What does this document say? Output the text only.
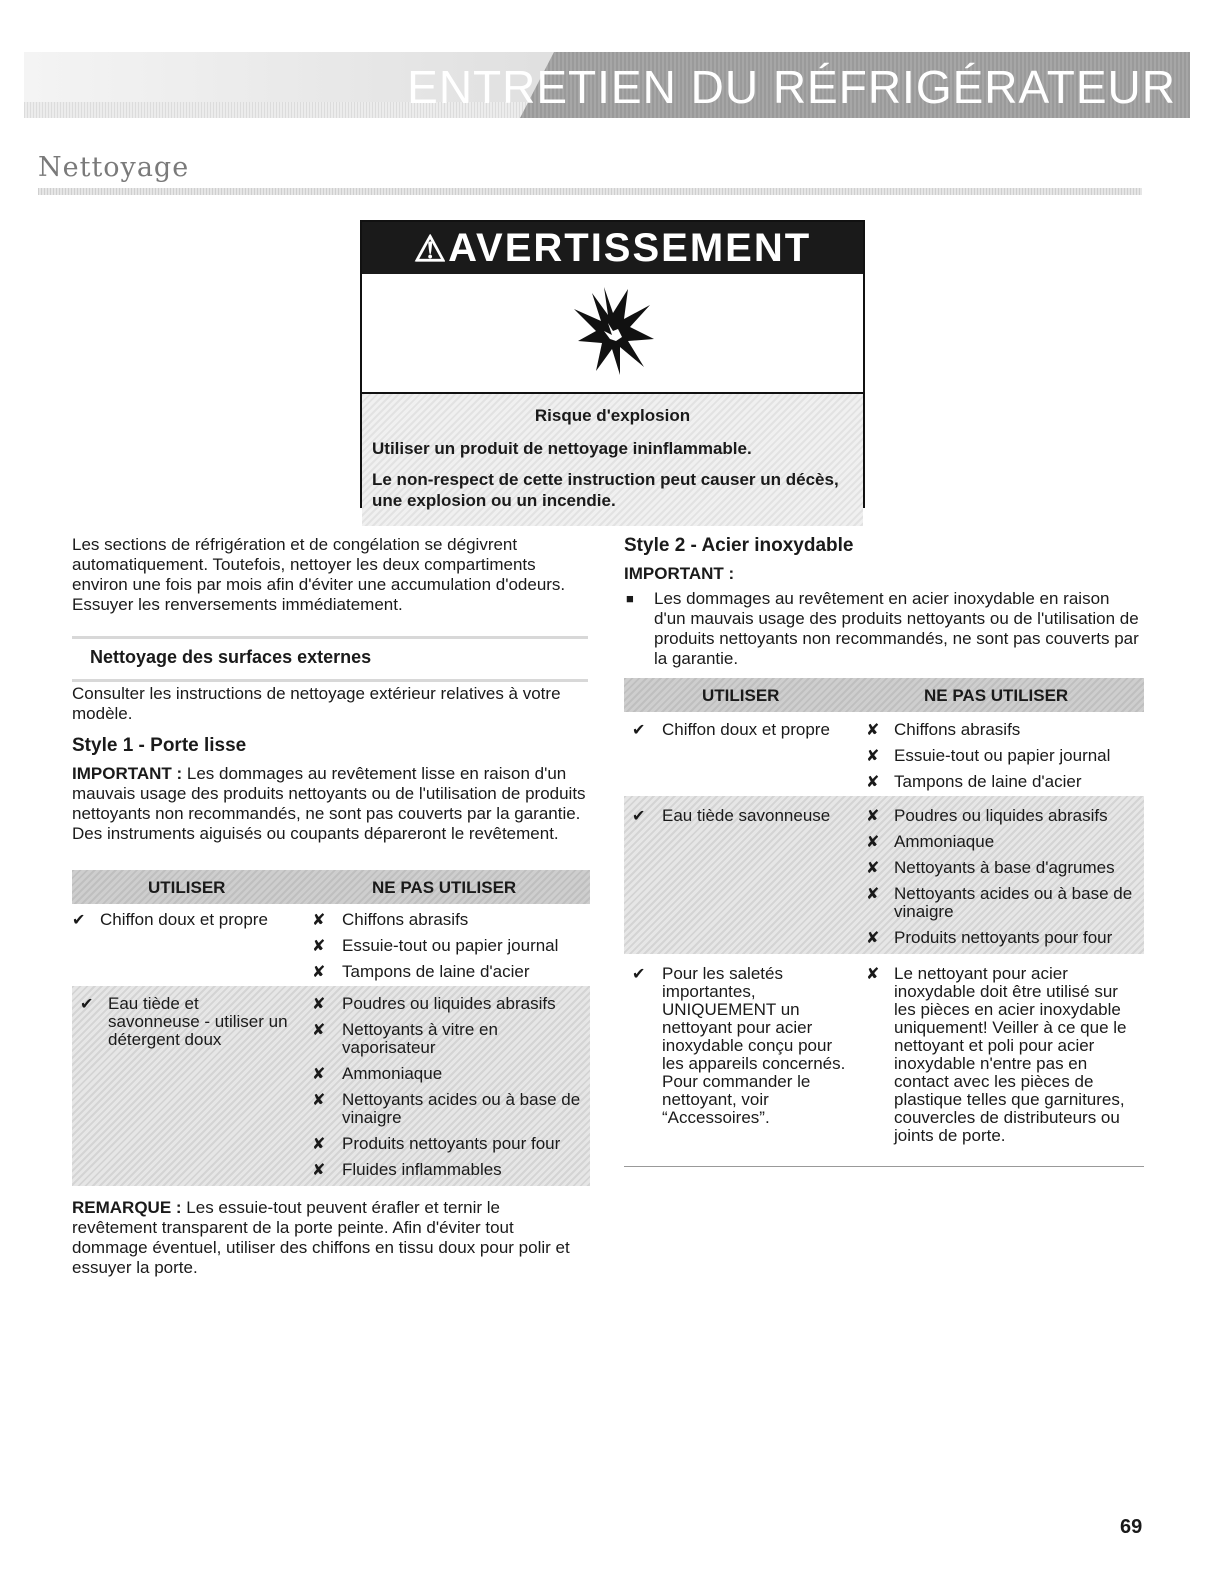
ENTRETIEN DU RÉFRIGÉRATEUR
Nettoyage
⚠AVERTISSEMENT
Risque d'explosion
Utiliser un produit de nettoyage ininflammable.
Le non-respect de cette instruction peut causer un décès, une explosion ou un incendie.
Les sections de réfrigération et de congélation se dégivrent automatiquement. Toutefois, nettoyer les deux compartiments environ une fois par mois afin d'éviter une accumulation d'odeurs. Essuyer les renversements immédiatement.
Nettoyage des surfaces externes
Consulter les instructions de nettoyage extérieur relatives à votre modèle.
Style 1 - Porte lisse
IMPORTANT : Les dommages au revêtement lisse en raison d'un mauvais usage des produits nettoyants ou de l'utilisation de produits nettoyants non recommandés, ne sont pas couverts par la garantie. Des instruments aiguisés ou coupants dépareront le revêtement.
UTILISER	NE PAS UTILISER
✔ Chiffon doux et propre	✘ Chiffons abrasifs
✘ Essuie-tout ou papier journal
✘ Tampons de laine d'acier
✔ Eau tiède et savonneuse - utiliser un détergent doux
✘ Poudres ou liquides abrasifs
✘ Nettoyants à vitre en vaporisateur
✘ Ammoniaque
✘ Nettoyants acides ou à base de vinaigre
✘ Produits nettoyants pour four
✘ Fluides inflammables
REMARQUE : Les essuie-tout peuvent érafler et ternir le revêtement transparent de la porte peinte. Afin d'éviter tout dommage éventuel, utiliser des chiffons en tissu doux pour polir et essuyer la porte.
Style 2 - Acier inoxydable
IMPORTANT :
■ Les dommages au revêtement en acier inoxydable en raison d'un mauvais usage des produits nettoyants ou de l'utilisation de produits nettoyants non recommandés, ne sont pas couverts par la garantie.
UTILISER	NE PAS UTILISER
✔ Chiffon doux et propre	✘ Chiffons abrasifs
✘ Essuie-tout ou papier journal
✘ Tampons de laine d'acier
✔ Eau tiède savonneuse	✘ Poudres ou liquides abrasifs
✘ Ammoniaque
✘ Nettoyants à base d'agrumes
✘ Nettoyants acides ou à base de vinaigre
✘ Produits nettoyants pour four
✔ Pour les saletés importantes, UNIQUEMENT un nettoyant pour acier inoxydable conçu pour les appareils concernés. Pour commander le nettoyant, voir “Accessoires”.
✘ Le nettoyant pour acier inoxydable doit être utilisé sur les pièces en acier inoxydable uniquement! Veiller à ce que le nettoyant et poli pour acier inoxydable n'entre pas en contact avec les pièces de plastique telles que garnitures, couvercles de distributeurs ou joints de porte.
69
